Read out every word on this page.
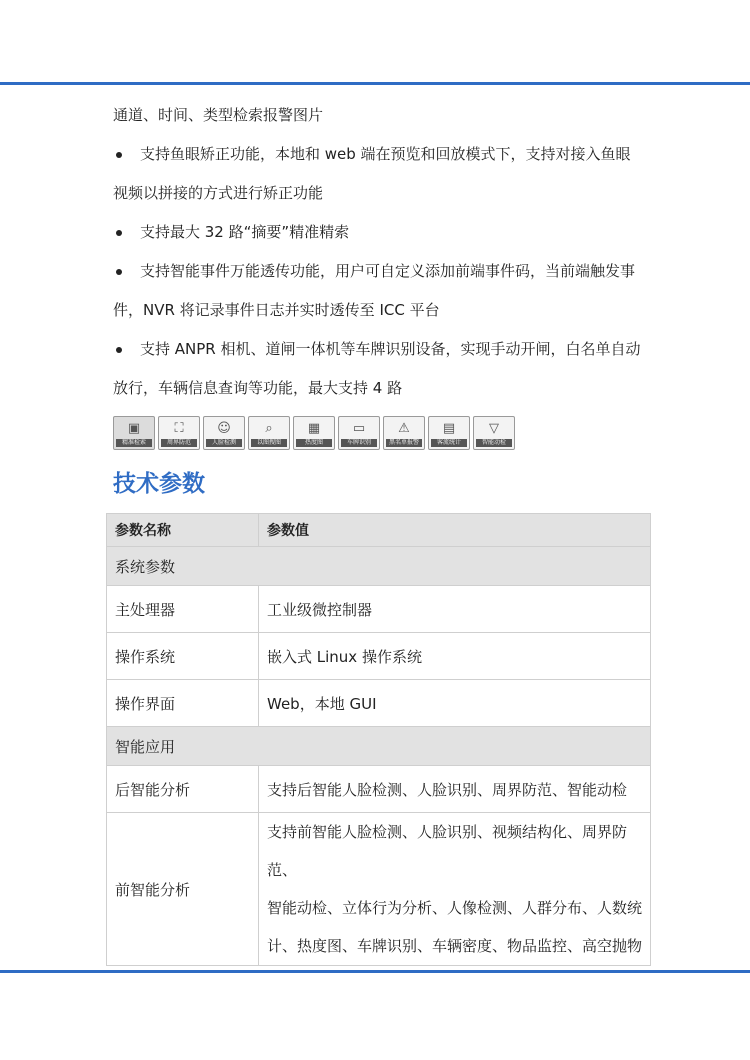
通道、时间、类型检索报警图片
支持鱼眼矫正功能，本地和 web 端在预览和回放模式下，支持对接入鱼眼
视频以拼接的方式进行矫正功能
支持最大 32 路“摘要”精准精索
支持智能事件万能透传功能，用户可自定义添加前端事件码，当前端触发事
件，NVR 将记录事件日志并实时透传至 ICC 平台
支持 ANPR 相机、道闸一体机等车牌识别设备，实现手动开闸，白名单自动
放行，车辆信息查询等功能，最大支持 4 路
▣
精准检索
⛶
周界防范
☺
人脸检测
⌕
以图搜图
▦
热度图
▭
车牌识别
⚠
黑名单报警
▤
客流统计
▽
智能动检
技术参数
参数名称	参数值
系统参数	
主处理器	工业级微控制器
操作系统	嵌入式 Linux 操作系统
操作界面	Web，本地 GUI
智能应用	
后智能分析	支持后智能人脸检测、人脸识别、周界防范、智能动检
前智能分析	支持前智能人脸检测、人脸识别、视频结构化、周界防范、
智能动检、立体行为分析、人像检测、人群分布、人数统
计、热度图、车牌识别、车辆密度、物品监控、高空抛物
